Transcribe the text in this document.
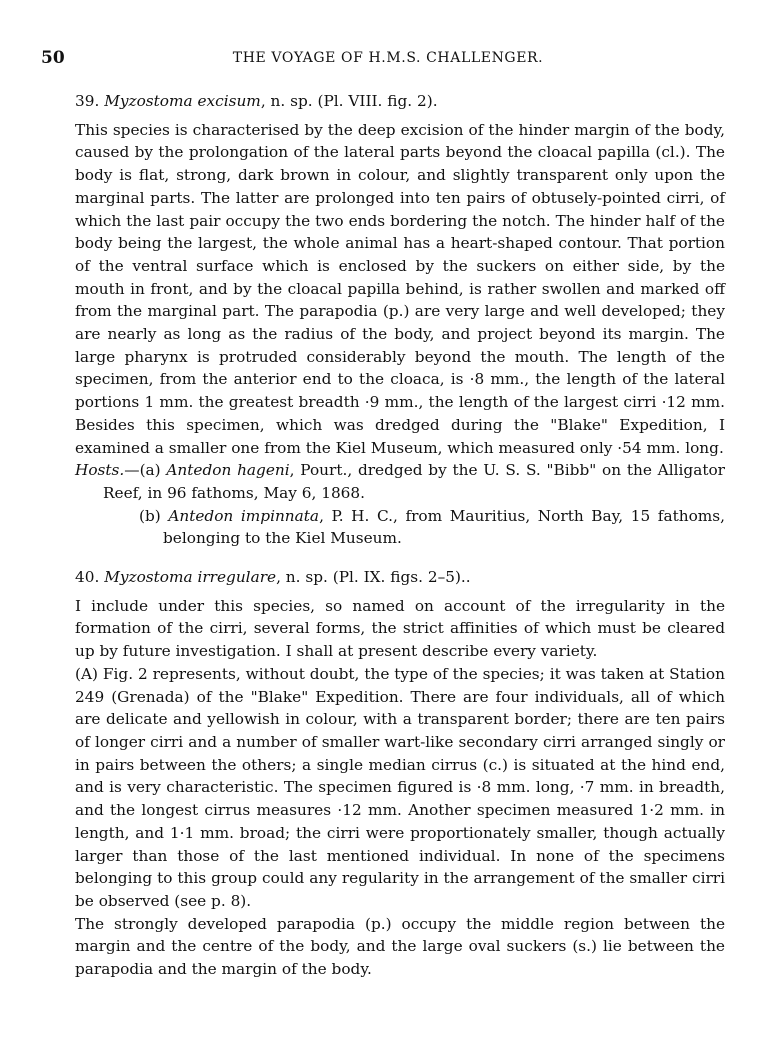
50	THE VOYAGE OF H.M.S. CHALLENGER.

39. Myzostoma excisum, n. sp. (Pl. VIII. fig. 2).

This species is characterised by the deep excision of the hinder margin of the body, caused by the prolongation of the lateral parts beyond the cloacal papilla (cl.). The body is flat, strong, dark brown in colour, and slightly transparent only upon the marginal parts. The latter are prolonged into ten pairs of obtusely-pointed cirri, of which the last pair occupy the two ends bordering the notch. The hinder half of the body being the largest, the whole animal has a heart-shaped contour. That portion of the ventral surface which is enclosed by the suckers on either side, by the mouth in front, and by the cloacal papilla behind, is rather swollen and marked off from the marginal part. The parapodia (p.) are very large and well developed; they are nearly as long as the radius of the body, and project beyond its margin. The large pharynx is protruded considerably beyond the mouth. The length of the specimen, from the anterior end to the cloaca, is ·8 mm., the length of the lateral portions 1 mm. the greatest breadth ·9 mm., the length of the largest cirri ·12 mm. Besides this specimen, which was dredged during the "Blake" Expedition, I examined a smaller one from the Kiel Museum, which measured only ·54 mm. long.

Hosts.—(a) Antedon hageni, Pourt., dredged by the U. S. S. "Bibb" on the Alligator Reef, in 96 fathoms, May 6, 1868.

(b) Antedon impinnata, P. H. C., from Mauritius, North Bay, 15 fathoms, belonging to the Kiel Museum.

40. Myzostoma irregulare, n. sp. (Pl. IX. figs. 2–5)..

I include under this species, so named on account of the irregularity in the formation of the cirri, several forms, the strict affinities of which must be cleared up by future investigation. I shall at present describe every variety.

(A) Fig. 2 represents, without doubt, the type of the species; it was taken at Station 249 (Grenada) of the "Blake" Expedition. There are four individuals, all of which are delicate and yellowish in colour, with a transparent border; there are ten pairs of longer cirri and a number of smaller wart-like secondary cirri arranged singly or in pairs between the others; a single median cirrus (c.) is situated at the hind end, and is very characteristic. The specimen figured is ·8 mm. long, ·7 mm. in breadth, and the longest cirrus measures ·12 mm. Another specimen measured 1·2 mm. in length, and 1·1 mm. broad; the cirri were proportionately smaller, though actually larger than those of the last mentioned individual. In none of the specimens belonging to this group could any regularity in the arrangement of the smaller cirri be observed (see p. 8).

The strongly developed parapodia (p.) occupy the middle region between the margin and the centre of the body, and the large oval suckers (s.) lie between the parapodia and the margin of the body.
